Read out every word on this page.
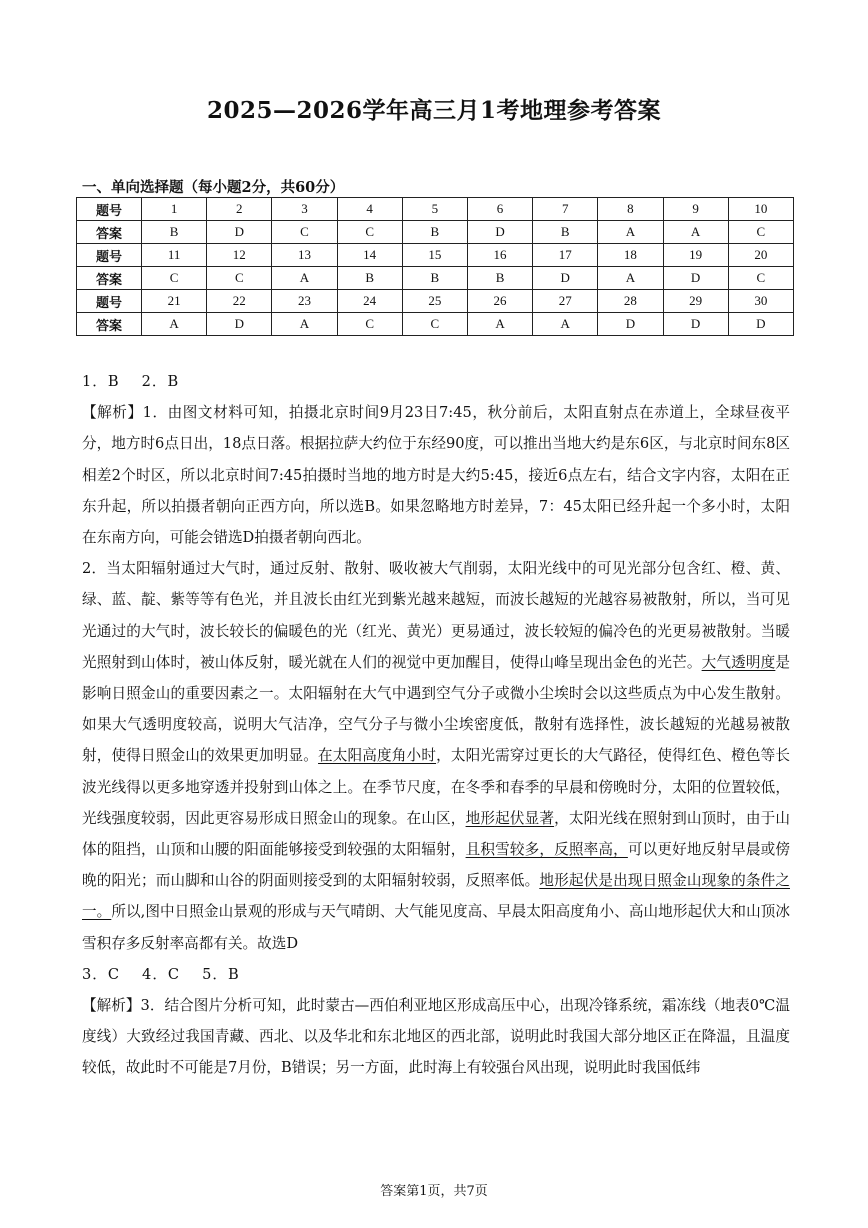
2025—2026学年高三月1考地理参考答案
一、单向选择题（每小题2分，共60分）
题号	1	2	3	4	5	6	7	8	9	10
答案	B	D	C	C	B	D	B	A	A	C
题号	11	12	13	14	15	16	17	18	19	20
答案	C	C	A	B	B	B	D	A	D	C
题号	21	22	23	24	25	26	27	28	29	30
答案	A	D	A	C	C	A	A	D	D	D

1．B 2．B

【解析】1．由图文材料可知，拍摄北京时间9月23日7:45，秋分前后，太阳直射点在赤道上，全球昼夜平分，地方时6点日出，18点日落。根据拉萨大约位于东经90度，可以推出当地大约是东6区，与北京时间东8区相差2个时区，所以北京时间7:45拍摄时当地的地方时是大约5:45，接近6点左右，结合文字内容，太阳在正东升起，所以拍摄者朝向正西方向，所以选B。如果忽略地方时差异，7：45太阳已经升起一个多小时，太阳在东南方向，可能会错选D拍摄者朝向西北。

2．当太阳辐射通过大气时，通过反射、散射、吸收被大气削弱，太阳光线中的可见光部分包含红、橙、黄、绿、蓝、靛、紫等等有色光，并且波长由红光到紫光越来越短，而波长越短的光越容易被散射，所以，当可见光通过的大气时，波长较长的偏暖色的光（红光、黄光）更易通过，波长较短的偏冷色的光更易被散射。当暖光照射到山体时，被山体反射，暖光就在人们的视觉中更加醒目，使得山峰呈现出金色的光芒。大气透明度是影响日照金山的重要因素之一。太阳辐射在大气中遇到空气分子或微小尘埃时会以这些质点为中心发生散射。如果大气透明度较高，说明大气洁净，空气分子与微小尘埃密度低，散射有选择性，波长越短的光越易被散射，使得日照金山的效果更加明显。在太阳高度角小时，太阳光需穿过更长的大气路径，使得红色、橙色等长波光线得以更多地穿透并投射到山体之上。在季节尺度，在冬季和春季的早晨和傍晚时分，太阳的位置较低，光线强度较弱，因此更容易形成日照金山的现象。在山区，地形起伏显著，太阳光线在照射到山顶时，由于山体的阻挡，山顶和山腰的阳面能够接受到较强的太阳辐射，且积雪较多，反照率高，可以更好地反射早晨或傍晚的阳光；而山脚和山谷的阴面则接受到的太阳辐射较弱，反照率低。地形起伏是出现日照金山现象的条件之一。所以,图中日照金山景观的形成与天气晴朗、大气能见度高、早晨太阳高度角小、高山地形起伏大和山顶冰雪积存多反射率高都有关。故选D

3．C 4．C 5．B

【解析】3．结合图片分析可知，此时蒙古—西伯利亚地区形成高压中心，出现冷锋系统，霜冻线（地表0℃温度线）大致经过我国青藏、西北、以及华北和东北地区的西北部，说明此时我国大部分地区正在降温，且温度较低，故此时不可能是7月份，B错误；另一方面，此时海上有较强台风出现，说明此时我国低纬

答案第1页，共7页
